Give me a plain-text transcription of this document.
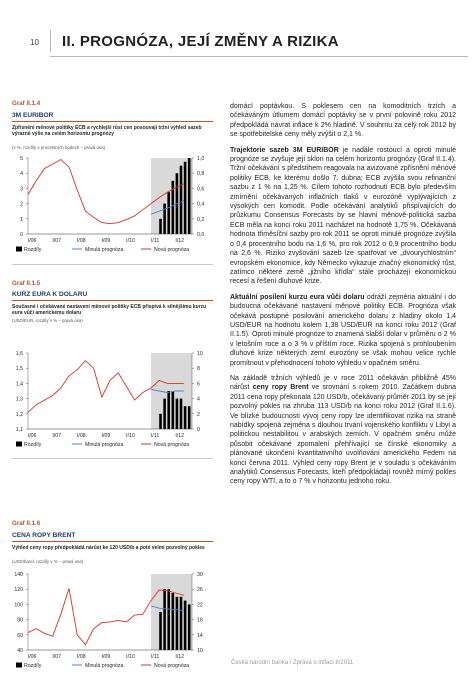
10 II. PROGNÓZA, JEJÍ ZMĚNY A RIZIKA
Graf II.1.4
3M EURIBOR
Zpřísnění měnové politiky ECB a rychlejší růst cen posouvají tržní výhled sazeb výrazně výše na celém horizontu prognózy
(v %, rozdíly v procentních bodech – pravá osa)
0
1
2
3
4
5
0,0
0,2
0,4
0,6
0,8
1,0
I/06	I/07	I/08	I/09	I/10	I/11	I/12
Rozdíly	Minulá prognóza	Nová prognóza
Graf II.1.5
KURZ EURA K DOLARU
Současné i očekávané nastavení měnové politiky ECB přispívá k silnějšímu kurzu eura vůči americkému dolaru
(USD/EUR, rozdíly v % – pravá osa)
1,1
1,2
1,3
1,4
1,5
1,6
0
2
4
6
8
10
I/06	I/07	I/08	I/09	I/10	I/11	I/12
Rozdíly	Minulá prognóza	Nová prognóza
Graf II.1.6
CENA ROPY BRENT
Výhled ceny ropy předpokládá nárůst ke 120 USD/b a poté velmi pozvolný pokles
(USD/barel, rozdíly v % – pravá osa)
40
60
80
100
120
140
10
14
18
22
26
30
I/06	I/07	I/08	I/09	I/10	I/11	I/12
Rozdíly	Minulá prognóza	Nová prognóza

domácí poptávkou. S poklesem cen na komoditních trzích a očekáváným útlumem domácí poptávky se v první polovině roku 2012 předpokládá návrat inflace k 2% hladině. V souhrnu za celý rok 2012 by se spotřebitelské ceny měly zvýšit o 2,1 %.

Trajektorie sazeb 3M EURIBOR je nadále rostoucí a oproti minulé prognóze se zvyšuje její sklon na celém horizontu prognózy (Graf II.1.4). Tržní očekávání s předstihem reagovala na avizované zpřísnění měnové politiky ECB, ke kterému došlo 7. dubna; ECB zvýšila svou refinanční sazbu z 1 % na 1,25 %. Cílem tohoto rozhodnutí ECB bylo především zmírnění očekávaných inflačních tlaků v eurozóně vyplývajících z vysokých cen komodit. Podle očekávání analytiků přispívajících do průzkumu Consensus Forecasts by se hlavní měnově-politická sazba ECB měla na konci roku 2011 nacházet na hodnotě 1,75 %. Očekávaná hodnota třiměsíční sazby pro rok 2011 se oproti minulé prognóze zvýšila o 0,4 procentního bodu na 1,6 %, pro rok 2012 o 0,9 procentního bodu na 2,6 %. Riziko zvyšování sazeb lze spatřovat ve „dvourychlostním“ evropském ekonomice, kdy Německo vykazuje značný ekonomický růst, zatímco některé země „jižního křídla“ stále procházejí ekonomickou recesí a řešení dluhové krize.

Aktuální posílení kurzu eura vůči dolaru odráží zejména aktuální i do budoucna očekávané nastavení měnové politiky ECB. Prognóza však očekává postupné posilování amerického dolaru z hladiny okolo 1,4 USD/EUR na hodnotu kolem 1,38 USD/EUR na konci roku 2012 (Graf II.1.5). Oproti minulé prognóze to znamená slabší dolar v průměru o 2 % v letošním roce a o 3 % v příštím roce. Rizika spojená s prohloubením dluhové krize některých zemí eurozóny se však mohou velice rychle promítnout v přehodnocení tohoto výhledu v opačném směru.

Na základě tržních výhledů je v roce 2011 očekáván přibližně 45% nárůst ceny ropy Brent ve srovnání s rokem 2010. Začátkem dubna 2011 cena ropy překonala 120 USD/b, očekávaný průměr 2011 by se její pozvolný pokles na zhruba 113 USD/b na konci roku 2012 (Graf II.1.6). Ve blízké budoucnosti vývoj ceny ropy lze identifikovat rizika na straně nabídky spojená zejména s dlouhou trvání vojenského konfliktu v Libyi a politickou nestabilitou v arabských zemích. V opačném směru může působit očekávané zpomalení přehřívající se čínské ekonomiky a plánované ukončení kvantitativního uvolňování amerického Fedem na konci června 2011. Výhled ceny ropy Brent je v souladu s očekáváním analytiků Consensus Forecasts, kteří předpokládají rovněž mírný pokles ceny ropy WTI, a to o 7 % v horizontu jednoho roku.

Česká národní banka / Zpráva o inflaci II/2011
